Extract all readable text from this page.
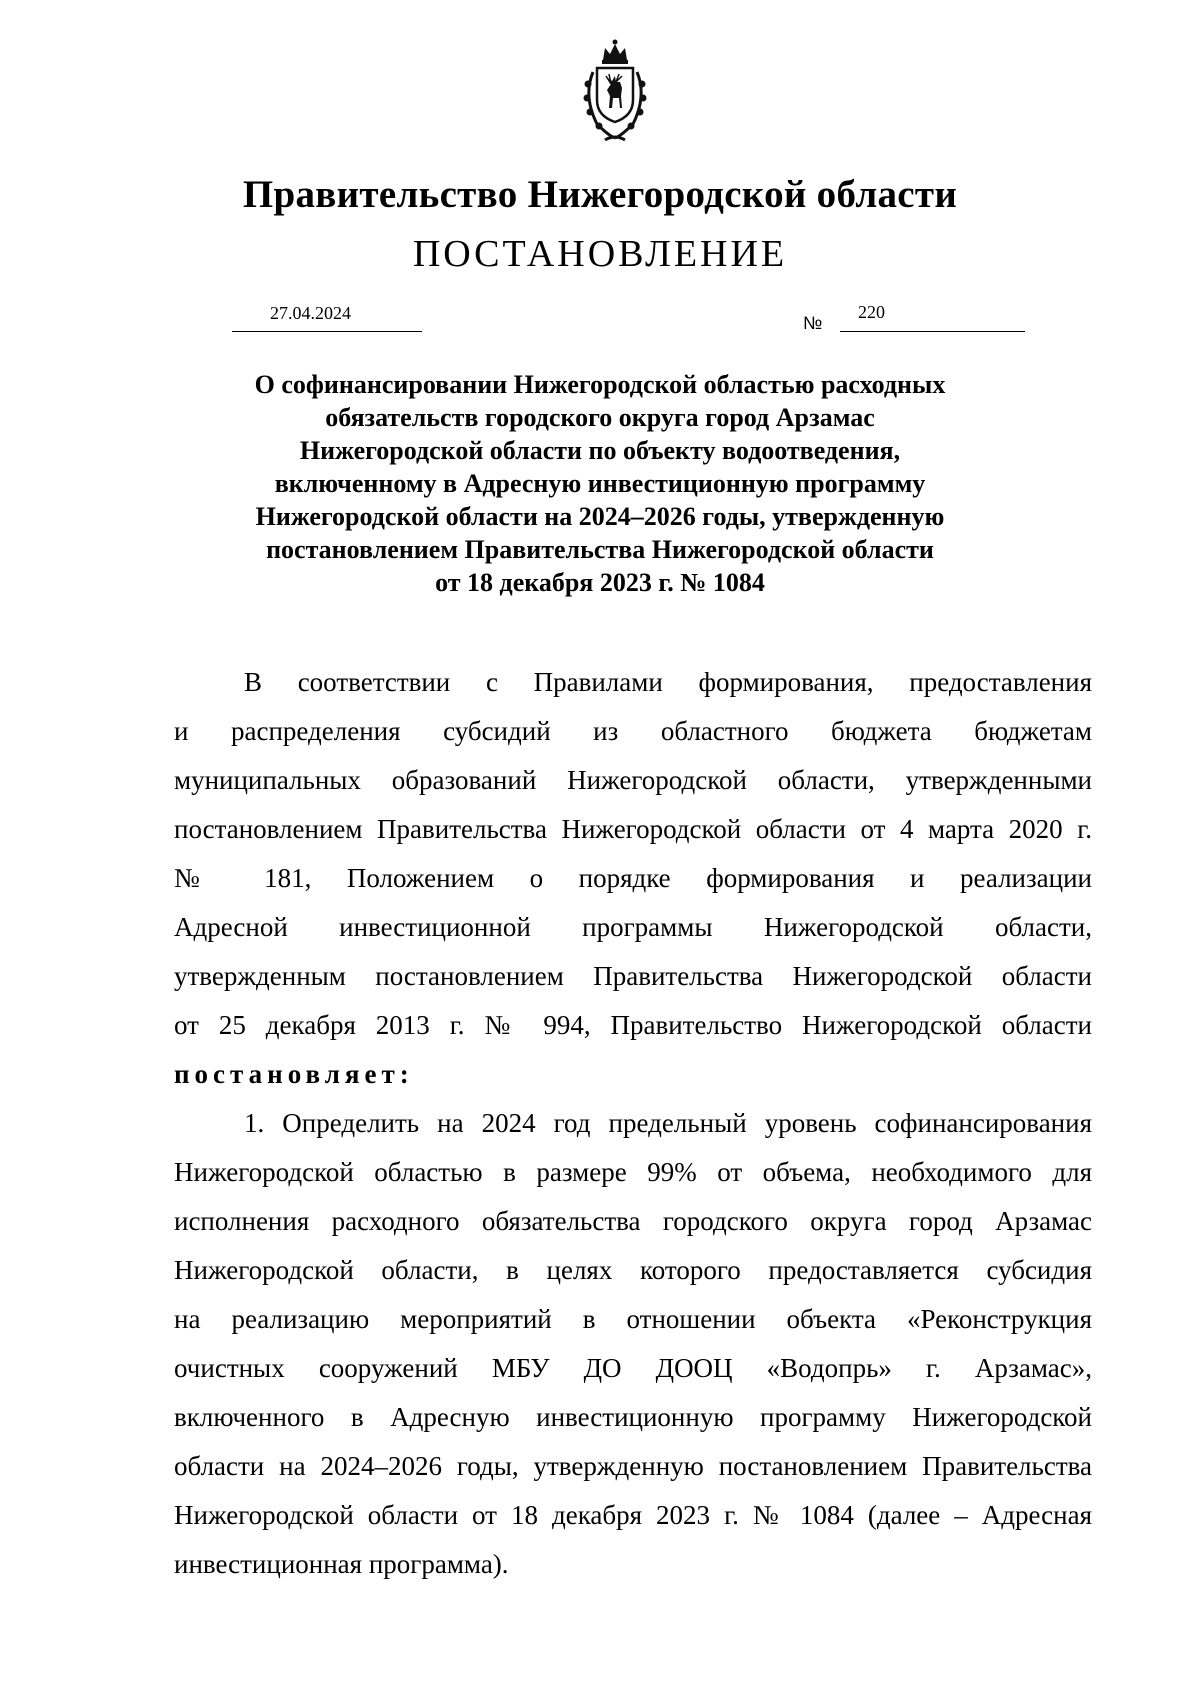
Правительство Нижегородской области
ПОСТАНОВЛЕНИЕ
27.04.2024	№
220
О софинансировании Нижегородской областью расходных
обязательств городского округа город Арзамас
Нижегородской области по объекту водоотведения,
включенному в Адресную инвестиционную программу
Нижегородской области на 2024–2026 годы, утвержденную
постановлением Правительства Нижегородской области
от 18 декабря 2023 г. № 1084
В соответствии с Правилами формирования, предоставления
и распределения субсидий из областного бюджета бюджетам
муниципальных образований Нижегородской области, утвержденными
постановлением Правительства Нижегородской области от 4 марта 2020 г.
№ 181, Положением о порядке формирования и реализации
Адресной инвестиционной программы Нижегородской области,
утвержденным постановлением Правительства Нижегородской области
от 25 декабря 2013 г. № 994, Правительство Нижегородской области

постановляет:

1. Определить на 2024 год предельный уровень софинансирования
Нижегородской областью в размере 99% от объема, необходимого для
исполнения расходного обязательства городского округа город Арзамас
Нижегородской области, в целях которого предоставляется субсидия
на реализацию мероприятий в отношении объекта «Реконструкция
очистных сооружений МБУ ДО ДООЦ «Водопрь» г. Арзамас»,
включенного в Адресную инвестиционную программу Нижегородской
области на 2024–2026 годы, утвержденную постановлением Правительства
Нижегородской области от 18 декабря 2023 г. № 1084 (далее – Адресная
инвестиционная программа).
